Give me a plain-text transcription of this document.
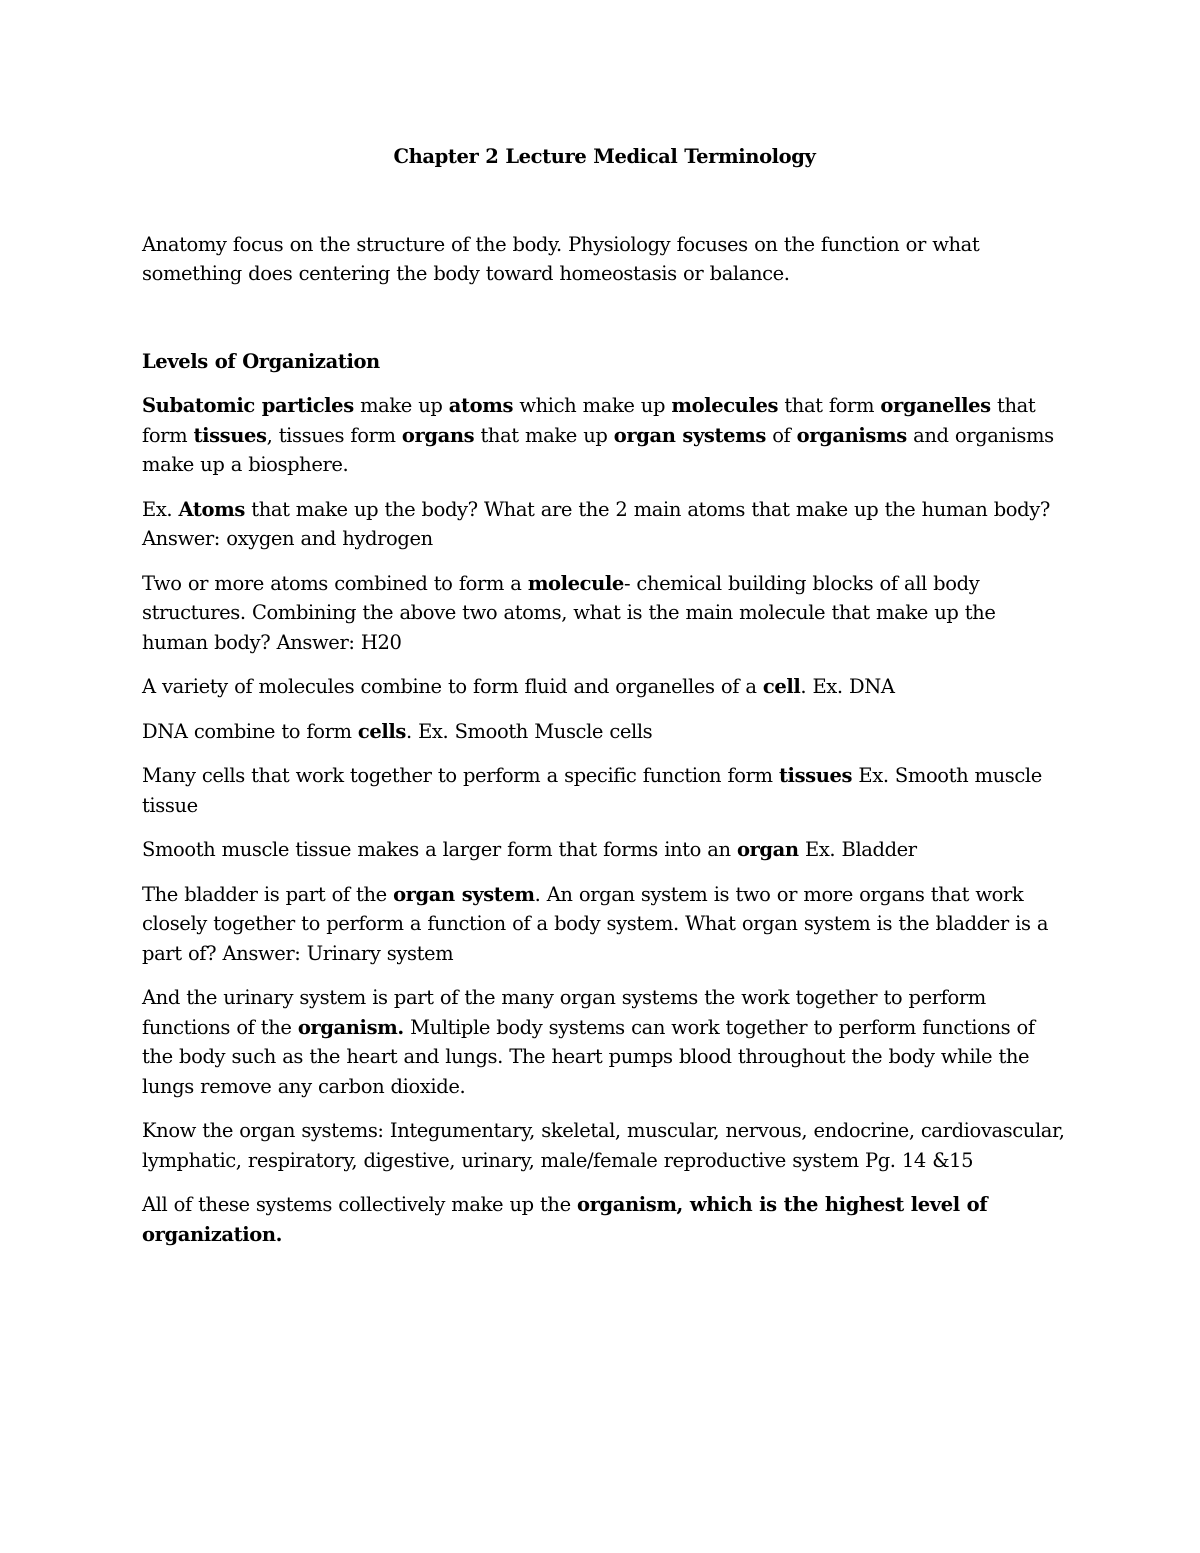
Chapter 2 Lecture Medical Terminology

Anatomy focus on the structure of the body. Physiology focuses on the function or what something does centering the body toward homeostasis or balance.

Levels of Organization

Subatomic particles make up atoms which make up molecules that form organelles that form tissues, tissues form organs that make up organ systems of organisms and organisms make up a biosphere.

Ex. Atoms that make up the body? What are the 2 main atoms that make up the human body?
Answer: oxygen and hydrogen

Two or more atoms combined to form a molecule- chemical building blocks of all body structures. Combining the above two atoms, what is the main molecule that make up the human body? Answer: H20

A variety of molecules combine to form fluid and organelles of a cell. Ex. DNA

DNA combine to form cells. Ex. Smooth Muscle cells

Many cells that work together to perform a specific function form tissues Ex. Smooth muscle tissue

Smooth muscle tissue makes a larger form that forms into an organ Ex. Bladder

The bladder is part of the organ system. An organ system is two or more organs that work closely together to perform a function of a body system. What organ system is the bladder is a part of? Answer: Urinary system

And the urinary system is part of the many organ systems the work together to perform functions of the organism. Multiple body systems can work together to perform functions of the body such as the heart and lungs. The heart pumps blood throughout the body while the lungs remove any carbon dioxide.

Know the organ systems: Integumentary, skeletal, muscular, nervous, endocrine, cardiovascular, lymphatic, respiratory, digestive, urinary, male/female reproductive system Pg. 14 &15

All of these systems collectively make up the organism, which is the highest level of organization.
